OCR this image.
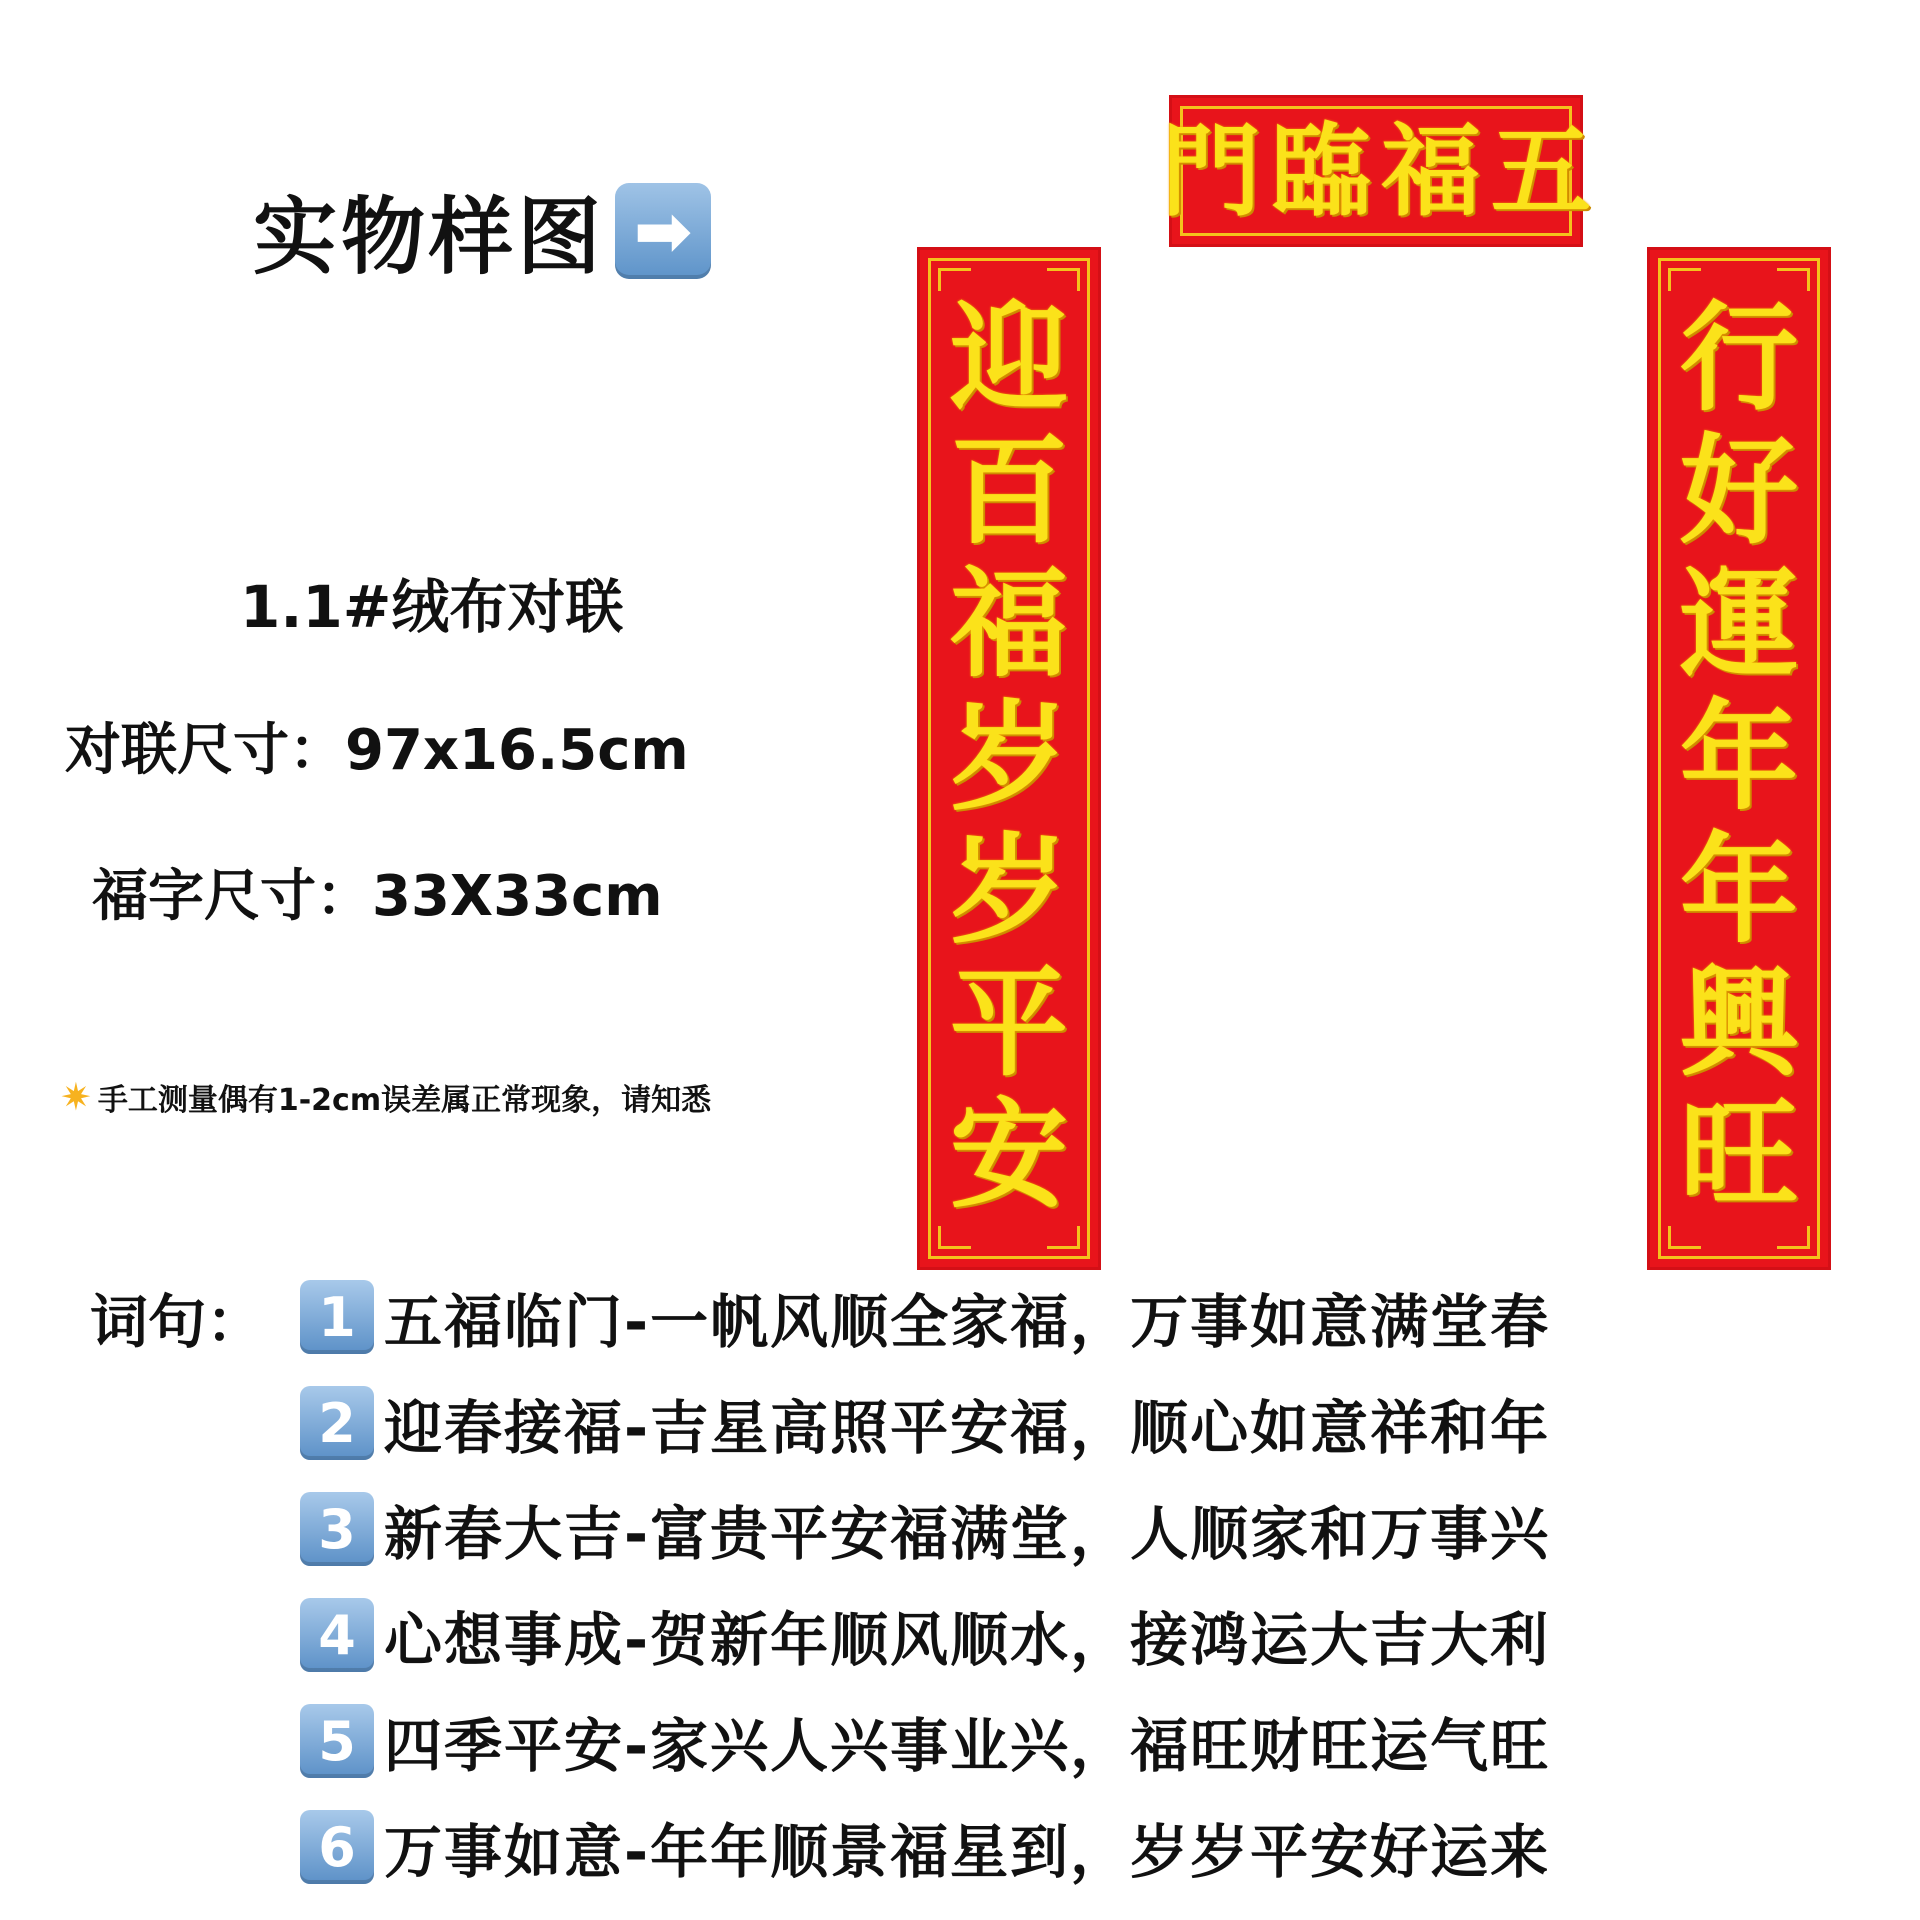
实物样图 ➡
1.1#绒布对联
对联尺寸：97x16.5cm
福字尺寸：33X33cm
✷ 手工测量偶有1-2cm误差属正常现象，请知悉
門 臨 福 五
迎
百
福
岁
岁
平
安
行
好
運
年
年
興
旺
词句：	1 五福临门-一帆风顺全家福，万事如意满堂春
2 迎春接福-吉星高照平安福，顺心如意祥和年
3 新春大吉-富贵平安福满堂，人顺家和万事兴
4 心想事成-贺新年顺风顺水，接鸿运大吉大利
5 四季平安-家兴人兴事业兴，福旺财旺运气旺
6 万事如意-年年顺景福星到，岁岁平安好运来
